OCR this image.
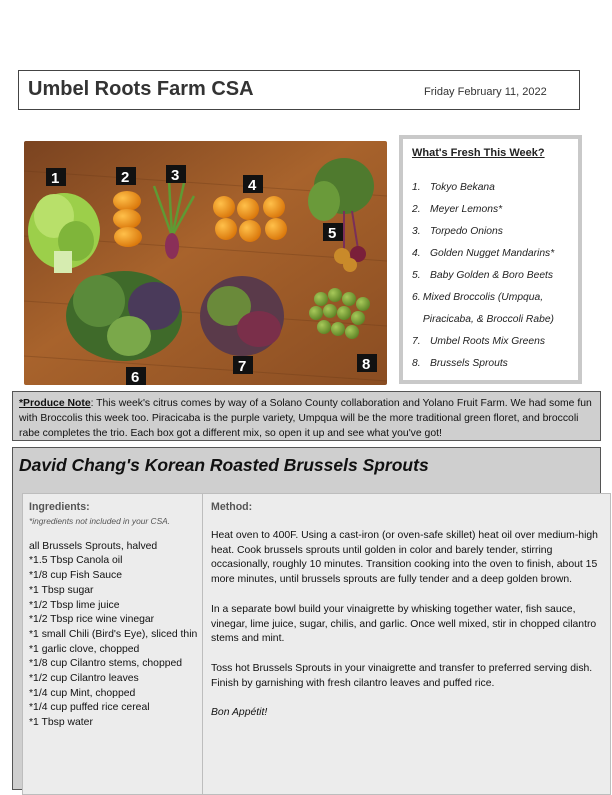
Umbel Roots Farm CSA	Friday February 11, 2022
1	2	3
4
5
6
7	8
What's Fresh This Week?
1. Tokyo Bekana
2. Meyer Lemons*
3. Torpedo Onions
4. Golden Nugget Mandarins*
5. Baby Golden & Boro Beets
6. Mixed Broccolis (Umpqua, Piracicaba, & Broccoli Rabe)
7. Umbel Roots Mix Greens
8. Brussels Sprouts
*Produce Note: This week's citrus comes by way of a Solano County collaboration and Yolano Fruit Farm. We had some fun with Broccolis this week too. Piracicaba is the purple variety, Umpqua will be the more traditional green floret, and broccoli rabe completes the trio. Each box got a different mix, so open it up and see what you've got!
David Chang's Korean Roasted Brussels Sprouts
Ingredients:
*ingredients not included in your CSA.
all Brussels Sprouts, halved
*1.5 Tbsp Canola oil
*1/8 cup Fish Sauce
*1 Tbsp sugar
*1/2 Tbsp lime juice
*1/2 Tbsp rice wine vinegar
*1 small Chili (Bird's Eye), sliced thin
*1 garlic clove, chopped
*1/8 cup Cilantro stems, chopped
*1/2 cup Cilantro leaves
*1/4 cup Mint, chopped
*1/4 cup puffed rice cereal
*1 Tbsp water
Method:

Heat oven to 400F. Using a cast-iron (or oven-safe skillet) heat oil over medium-high heat. Cook brussels sprouts until golden in color and barely tender, stirring occasionally, roughly 10 minutes. Transition cooking into the oven to finish, about 15 more minutes, until brussels sprouts are fully tender and a deep golden brown.

In a separate bowl build your vinaigrette by whisking together water, fish sauce, vinegar, lime juice, sugar, chilis, and garlic. Once well mixed, stir in chopped cilantro stems and mint.

Toss hot Brussels Sprouts in your vinaigrette and transfer to preferred serving dish. Finish by garnishing with fresh cilantro leaves and puffed rice.

Bon Appétit!
